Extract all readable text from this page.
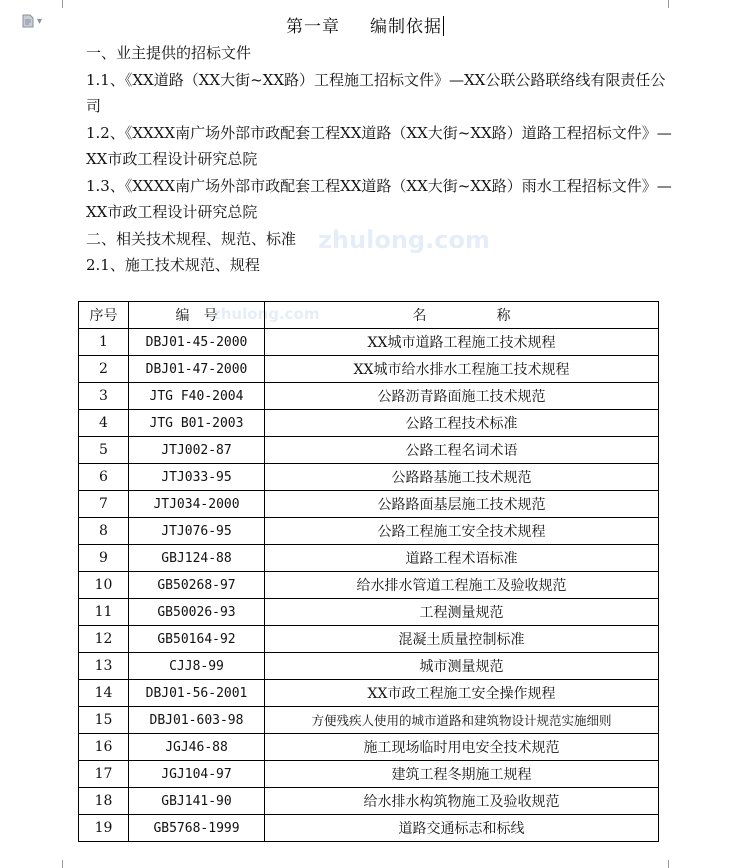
▾	第一章 编制依据

一、业主提供的招标文件

1.1、《XX道路（XX大街~XX路）工程施工招标文件》—XX公联公路联络线有限责任公司

1.2、《XXXX南广场外部市政配套工程XX道路（XX大街~XX路）道路工程招标文件》—XX市政工程设计研究总院

1.3、《XXXX南广场外部市政配套工程XX道路（XX大街~XX路）雨水工程招标文件》—XX市政工程设计研究总院

二、相关技术规程、规范、标准

2.1、施工技术规范、规程

zhulong.com
zhulong.com
序号	编　号	名　　　　　称
1	DBJ01-45-2000	XX城市道路工程施工技术规程
2	DBJ01-47-2000	XX城市给水排水工程施工技术规程
3	JTG F40-2004	公路沥青路面施工技术规范
4	JTG B01-2003	公路工程技术标准
5	JTJ002-87	公路工程名词术语
6	JTJ033-95	公路路基施工技术规范
7	JTJ034-2000	公路路面基层施工技术规范
8	JTJ076-95	公路工程施工安全技术规程
9	GBJ124-88	道路工程术语标准
10	GB50268-97	给水排水管道工程施工及验收规范
11	GB50026-93	工程测量规范
12	GB50164-92	混凝土质量控制标准
13	CJJ8-99	城市测量规范
14	DBJ01-56-2001	XX市政工程施工安全操作规程
15	DBJ01-603-98	方便残疾人使用的城市道路和建筑物设计规范实施细则
16	JGJ46-88	施工现场临时用电安全技术规范
17	JGJ104-97	建筑工程冬期施工规程
18	GBJ141-90	给水排水构筑物施工及验收规范
19	GB5768-1999	道路交通标志和标线
